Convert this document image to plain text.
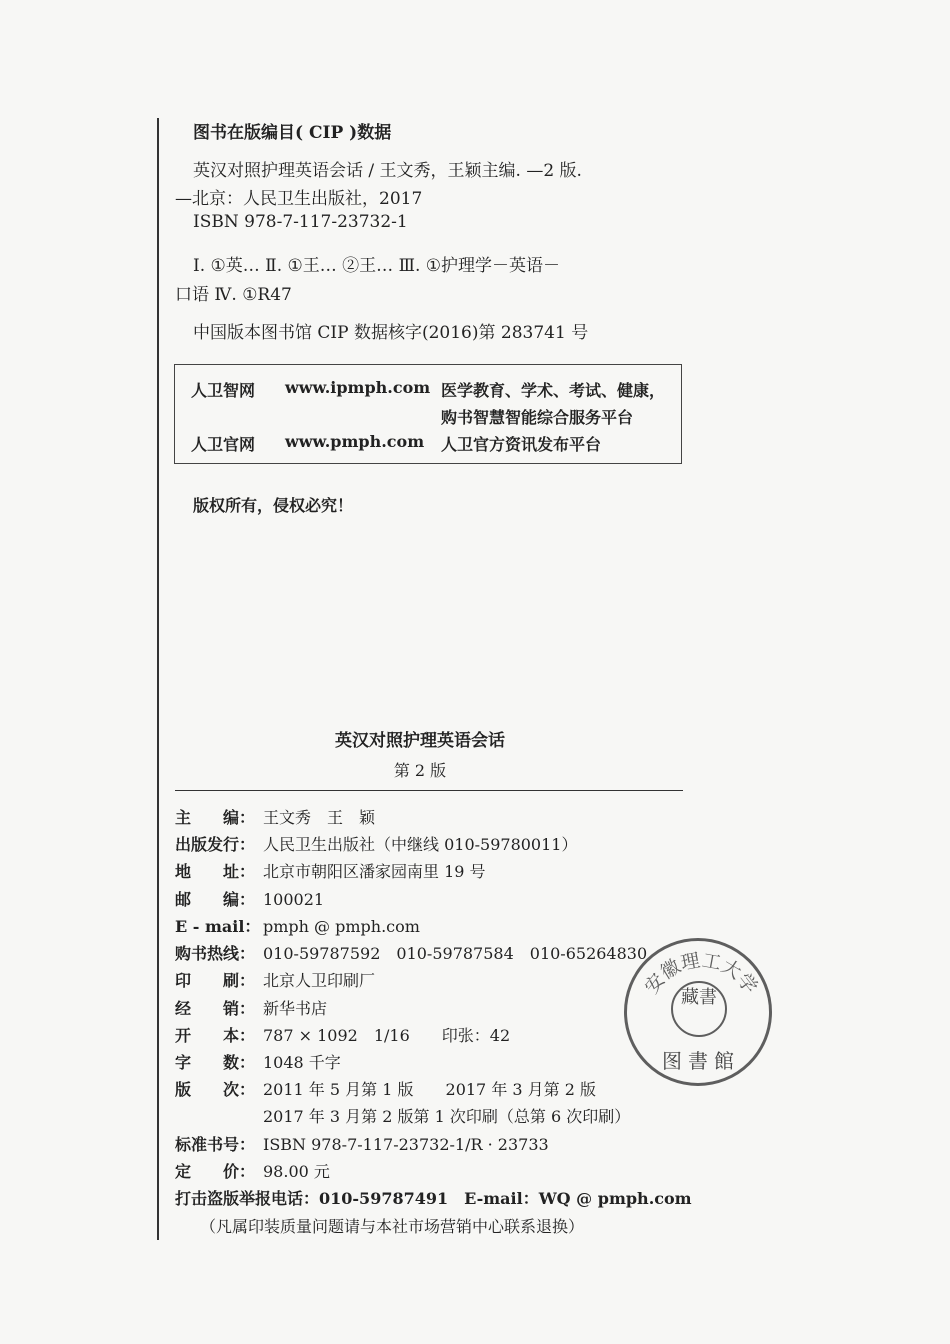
图书在版编目( CIP )数据
英汉对照护理英语会话 / 王文秀，王颖主编. —2 版.
—北京：人民卫生出版社，2017
ISBN 978-7-117-23732-1
Ⅰ. ①英… Ⅱ. ①王… ②王… Ⅲ. ①护理学－英语－
口语 Ⅳ. ①R47
中国版本图书馆 CIP 数据核字(2016)第 283741 号
人卫智网 www.ipmph.com 医学教育、学术、考试、健康，
购书智慧智能综合服务平台
人卫官网 www.pmph.com 人卫官方资讯发布平台
版权所有，侵权必究！
英汉对照护理英语会话
第 2 版
主　　编： 王文秀　王　颖
出版发行： 人民卫生出版社（中继线 010-59780011）
地　　址： 北京市朝阳区潘家园南里 19 号
邮　　编： 100021
E - mail： pmph @ pmph.com
购书热线： 010-59787592　010-59787584　010-65264830
印　　刷： 北京人卫印刷厂
经　　销： 新华书店
开　　本： 787 × 1092　1/16　　印张：42
字　　数： 1048 千字
版　　次： 2011 年 5 月第 1 版　　2017 年 3 月第 2 版
2017 年 3 月第 2 版第 1 次印刷（总第 6 次印刷）
标准书号： ISBN 978-7-117-23732-1/R · 23733
定　　价： 98.00 元
打击盗版举报电话：010-59787491　E-mail：WQ @ pmph.com
（凡属印装质量问题请与本社市场营销中心联系退换）
安徽理工大学
藏書
图書館
